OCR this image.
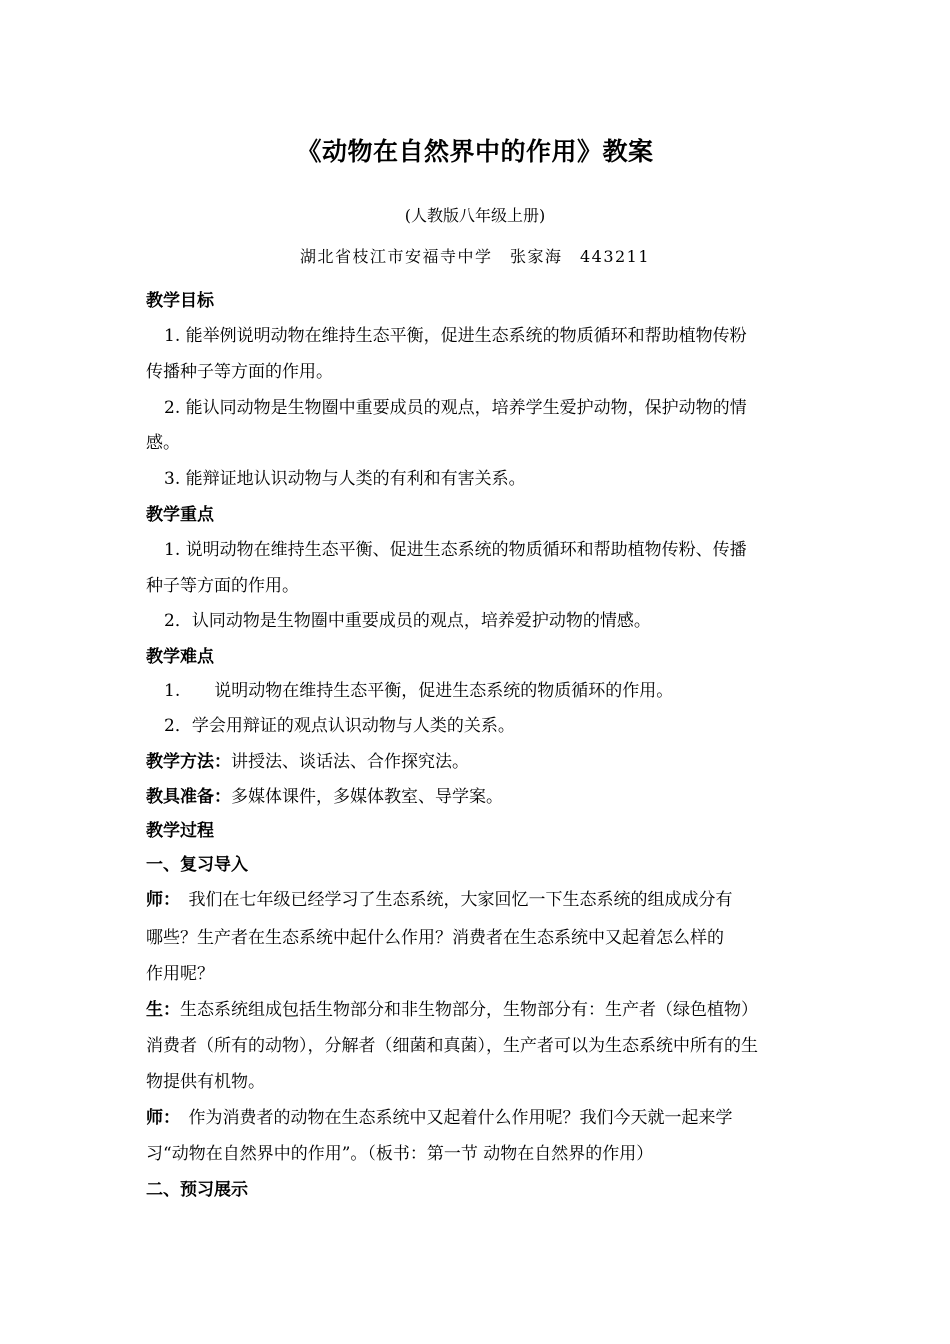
《动物在自然界中的作用》教案
(人教版八年级上册)
湖北省枝江市安福寺中学　张家海　443211
教学目标
1. 能举例说明动物在维持生态平衡，促进生态系统的物质循环和帮助植物传粉
传播种子等方面的作用。
2. 能认同动物是生物圈中重要成员的观点，培养学生爱护动物，保护动物的情
感。
3. 能辩证地认识动物与人类的有利和有害关系。
教学重点
1. 说明动物在维持生态平衡、促进生态系统的物质循环和帮助植物传粉、传播
种子等方面的作用。
2．认同动物是生物圈中重要成员的观点，培养爱护动物的情感。
教学难点
1.　　说明动物在维持生态平衡，促进生态系统的物质循环的作用。
2．学会用辩证的观点认识动物与人类的关系。
教学方法：讲授法、谈话法、合作探究法。
教具准备：多媒体课件，多媒体教室、导学案。
教学过程
一、复习导入
师：　我们在七年级已经学习了生态系统，大家回忆一下生态系统的组成成分有
哪些？生产者在生态系统中起什么作用？消费者在生态系统中又起着怎么样的
作用呢？
生：生态系统组成包括生物部分和非生物部分，生物部分有：生产者（绿色植物）
消费者（所有的动物），分解者（细菌和真菌），生产者可以为生态系统中所有的生
物提供有机物。
师：　作为消费者的动物在生态系统中又起着什么作用呢？我们今天就一起来学
习“动物在自然界中的作用”。（板书：第一节 动物在自然界的作用）
二、预习展示
